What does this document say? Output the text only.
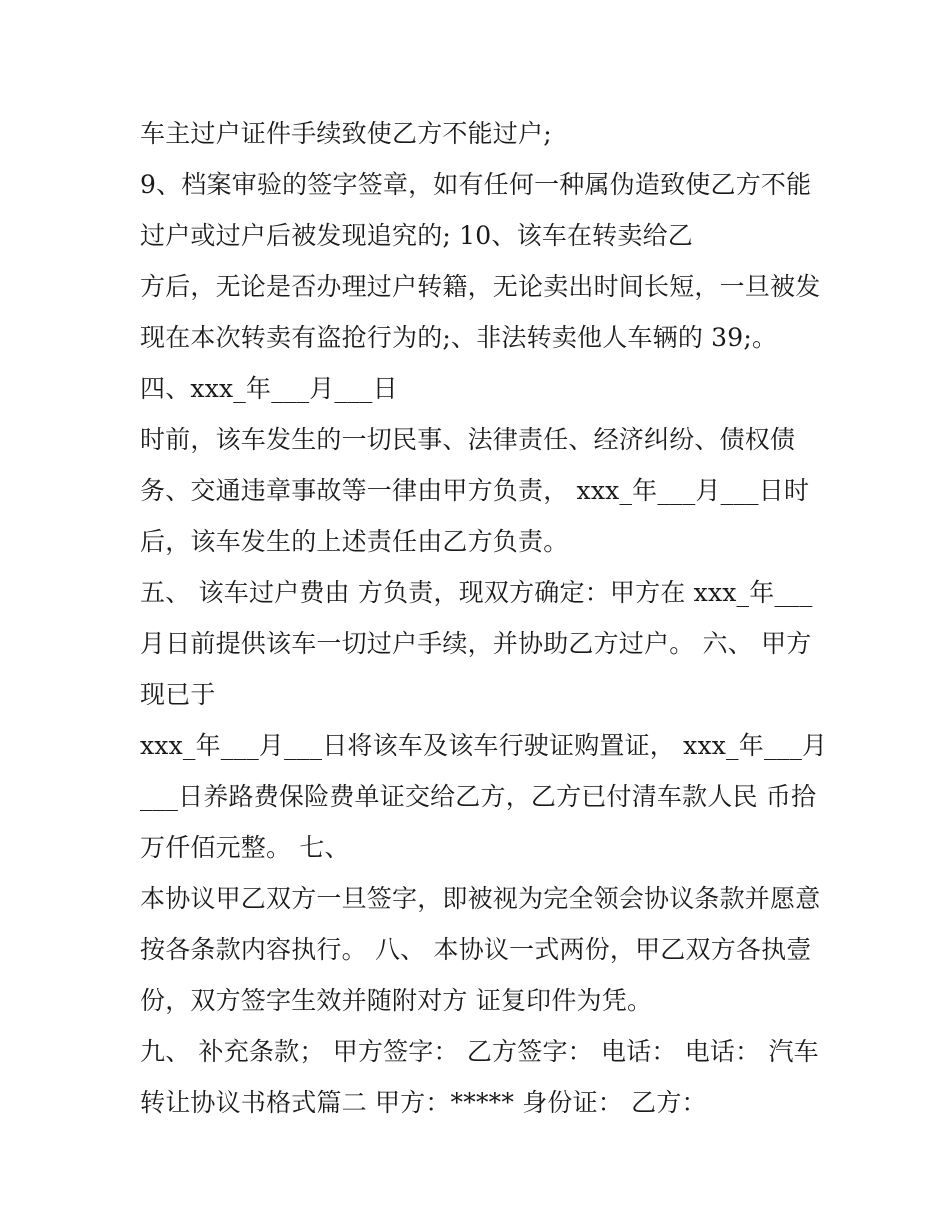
车主过户证件手续致使乙方不能过户;
9、档案审验的签字签章，如有任何一种属伪造致使乙方不能
过户或过户后被发现追究的; 10、该车在转卖给乙
方后，无论是否办理过户转籍，无论卖出时间长短，一旦被发
现在本次转卖有盗抢行为的;、非法转卖他人车辆的 39;。
四、xxx_年___月___日
时前，该车发生的一切民事、法律责任、经济纠纷、债权债
务、交通违章事故等一律由甲方负责， xxx_年___月___日时
后，该车发生的上述责任由乙方负责。
五、 该车过户费由 方负责，现双方确定：甲方在 xxx_年___
月日前提供该车一切过户手续，并协助乙方过户。 六、 甲方
现已于
xxx_年___月___日将该车及该车行驶证购置证， xxx_年___月
___日养路费保险费单证交给乙方，乙方已付清车款人民 币拾
万仟佰元整。 七、
本协议甲乙双方一旦签字，即被视为完全领会协议条款并愿意
按各条款内容执行。 八、 本协议一式两份，甲乙双方各执壹
份，双方签字生效并随附对方 证复印件为凭。
九、 补充条款； 甲方签字： 乙方签字： 电话： 电话： 汽车
转让协议书格式篇二 甲方：***** 身份证： 乙方：
